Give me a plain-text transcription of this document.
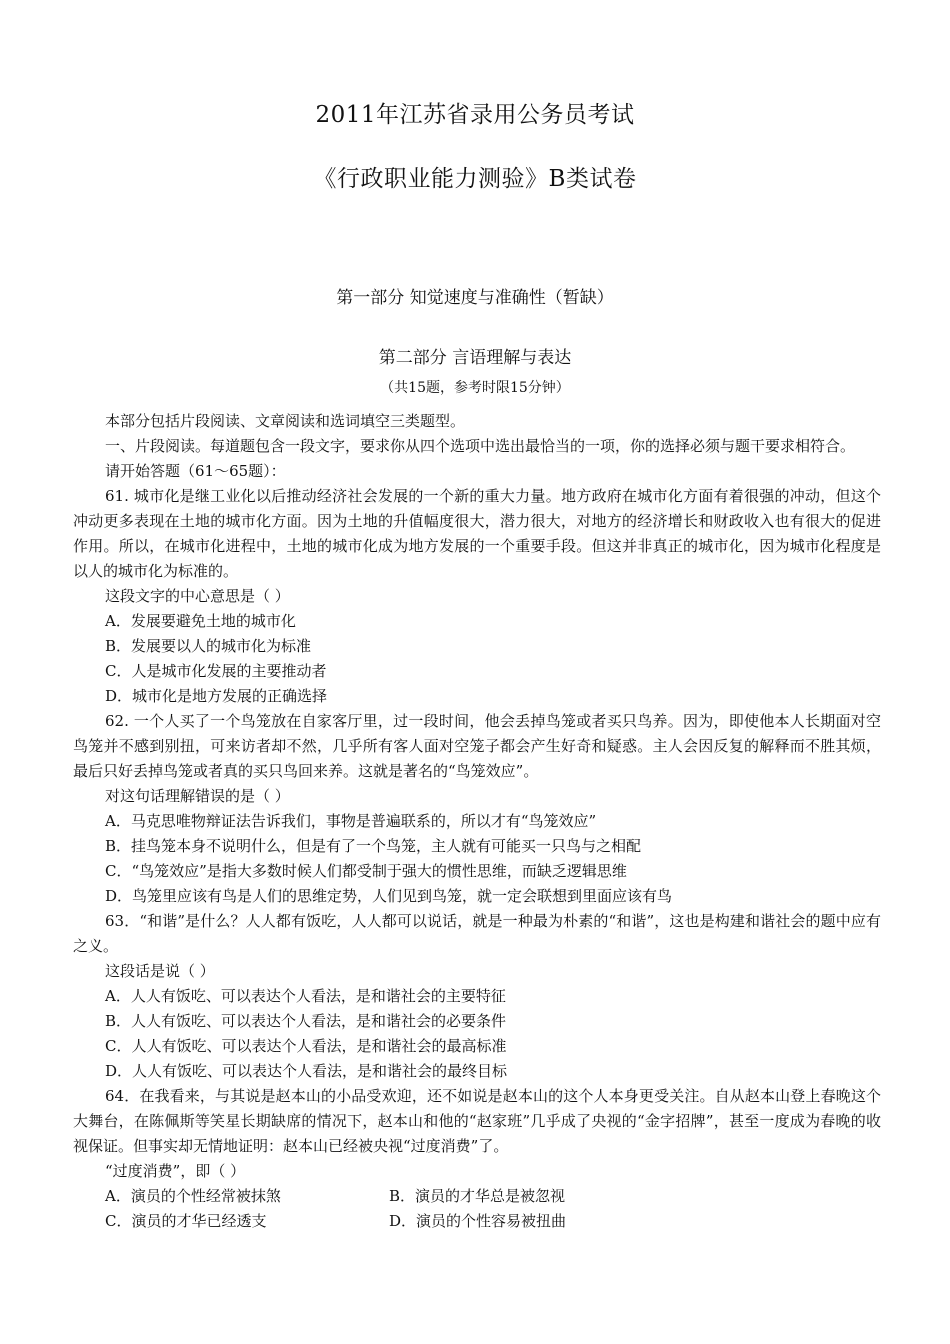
2011年江苏省录用公务员考试
《行政职业能力测验》B类试卷
第一部分 知觉速度与准确性（暂缺）
第二部分 言语理解与表达
（共15题，参考时限15分钟）

本部分包括片段阅读、文章阅读和选词填空三类题型。

一、片段阅读。每道题包含一段文字，要求你从四个选项中选出最恰当的一项，你的选择必须与题干要求相符合。

请开始答题（61～65题）：

61. 城市化是继工业化以后推动经济社会发展的一个新的重大力量。地方政府在城市化方面有着很强的冲动，但这个冲动更多表现在土地的城市化方面。因为土地的升值幅度很大，潜力很大，对地方的经济增长和财政收入也有很大的促进作用。所以，在城市化进程中，土地的城市化成为地方发展的一个重要手段。但这并非真正的城市化，因为城市化程度是以人的城市化为标准的。

这段文字的中心意思是（ ）

A．发展要避免土地的城市化

B．发展要以人的城市化为标准

C．人是城市化发展的主要推动者

D．城市化是地方发展的正确选择

62. 一个人买了一个鸟笼放在自家客厅里，过一段时间，他会丢掉鸟笼或者买只鸟养。因为，即使他本人长期面对空鸟笼并不感到别扭，可来访者却不然，几乎所有客人面对空笼子都会产生好奇和疑惑。主人会因反复的解释而不胜其烦，最后只好丢掉鸟笼或者真的买只鸟回来养。这就是著名的“鸟笼效应”。

对这句话理解错误的是（ ）

A．马克思唯物辩证法告诉我们，事物是普遍联系的，所以才有“鸟笼效应”

B．挂鸟笼本身不说明什么，但是有了一个鸟笼，主人就有可能买一只鸟与之相配

C．“鸟笼效应”是指大多数时候人们都受制于强大的惯性思维，而缺乏逻辑思维

D．鸟笼里应该有鸟是人们的思维定势，人们见到鸟笼，就一定会联想到里面应该有鸟

63．“和谐”是什么？人人都有饭吃，人人都可以说话，就是一种最为朴素的“和谐”，这也是构建和谐社会的题中应有之义。

这段话是说（ ）

A．人人有饭吃、可以表达个人看法，是和谐社会的主要特征

B．人人有饭吃、可以表达个人看法，是和谐社会的必要条件

C．人人有饭吃、可以表达个人看法，是和谐社会的最高标准

D．人人有饭吃、可以表达个人看法，是和谐社会的最终目标

64．在我看来，与其说是赵本山的小品受欢迎，还不如说是赵本山的这个人本身更受关注。自从赵本山登上春晚这个大舞台，在陈佩斯等笑星长期缺席的情况下，赵本山和他的“赵家班”几乎成了央视的“金字招牌”，甚至一度成为春晚的收视保证。但事实却无情地证明：赵本山已经被央视“过度消费”了。

“过度消费”，即（ ）

A．演员的个性经常被抹煞	B．演员的才华总是被忽视

C．演员的才华已经透支	D．演员的个性容易被扭曲
